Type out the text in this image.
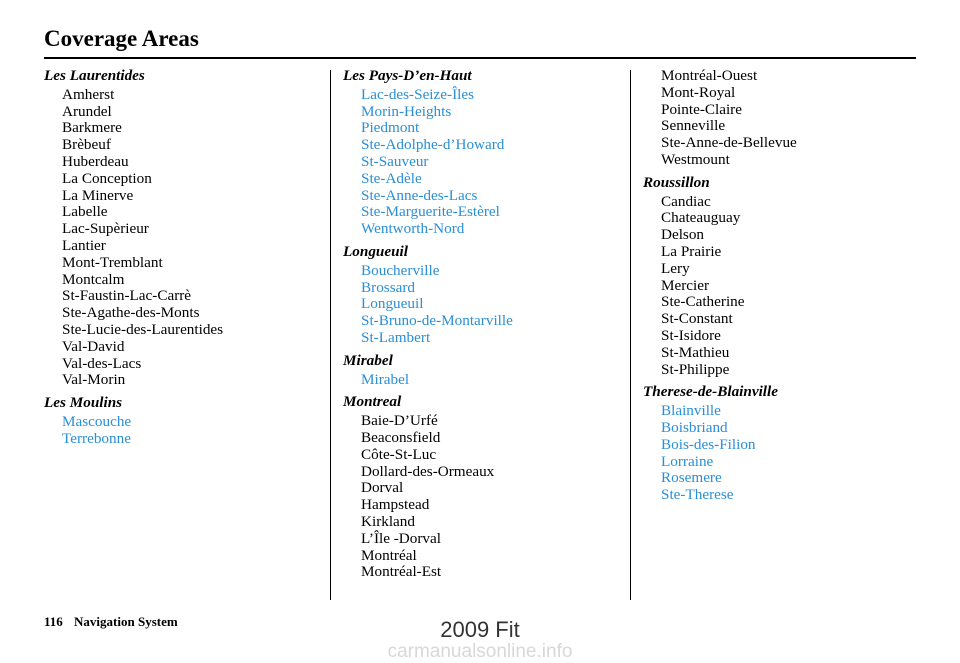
Coverage Areas
Les Laurentides
Amherst
Arundel
Barkmere
Brèbeuf
Huberdeau
La Conception
La Minerve
Labelle
Lac-Supèrieur
Lantier
Mont-Tremblant
Montcalm
St-Faustin-Lac-Carrè
Ste-Agathe-des-Monts
Ste-Lucie-des-Laurentides
Val-David
Val-des-Lacs
Val-Morin
Les Moulins
Mascouche
Terrebonne
Les Pays-D’en-Haut
Lac-des-Seize-Îles
Morin-Heights
Piedmont
Ste-Adolphe-d’Howard
St-Sauveur
Ste-Adèle
Ste-Anne-des-Lacs
Ste-Marguerite-Estèrel
Wentworth-Nord
Longueuil
Boucherville
Brossard
Longueuil
St-Bruno-de-Montarville
St-Lambert
Mirabel
Mirabel
Montreal
Baie-D’Urfé
Beaconsfield
Côte-St-Luc
Dollard-des-Ormeaux
Dorval
Hampstead
Kirkland
L’Île -Dorval
Montréal
Montréal-Est
Montréal-Ouest
Mont-Royal
Pointe-Claire
Senneville
Ste-Anne-de-Bellevue
Westmount
Roussillon
Candiac
Chateauguay
Delson
La Prairie
Lery
Mercier
Ste-Catherine
St-Constant
St-Isidore
St-Mathieu
St-Philippe
Therese-de-Blainville
Blainville
Boisbriand
Bois-des-Filion
Lorraine
Rosemere
Ste-Therese
116 Navigation System	2009 Fit
carmanualsonline.info
